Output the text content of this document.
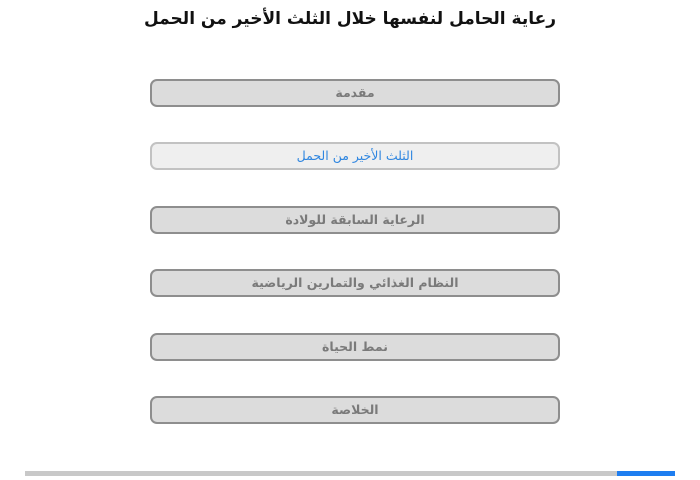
رعاية الحامل لنفسها خلال الثلث الأخير من الحمل
مقدمة
الثلث الأخير من الحمل
الرعاية السابقة للولادة
النظام الغذائي والتمارين الرياضية
نمط الحياة
الخلاصة
